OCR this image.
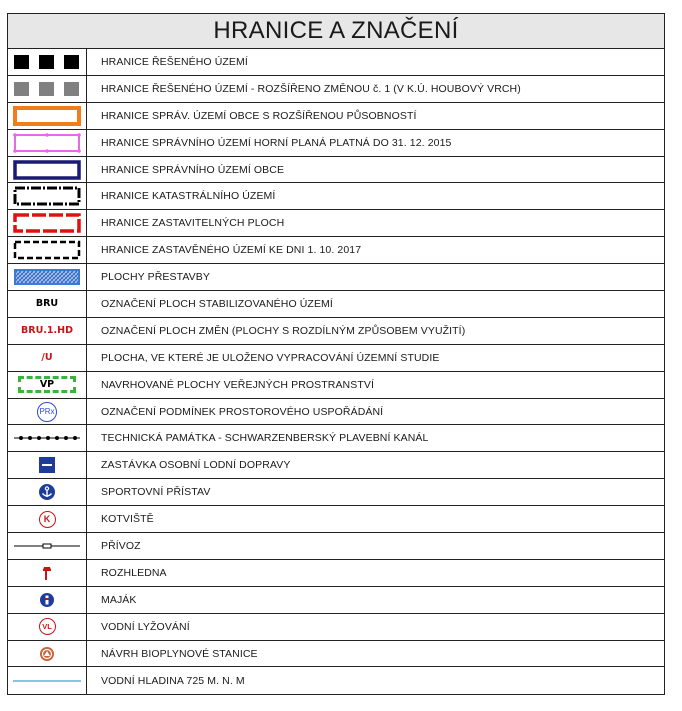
HRANICE A ZNAČENÍ
HRANICE ŘEŠENÉHO ÚZEMÍ
HRANICE ŘEŠENÉHO ÚZEMÍ - ROZŠÍŘENO ZMĚNOU č. 1 (V K.Ú. HOUBOVÝ VRCH)
HRANICE SPRÁV. ÚZEMÍ OBCE S ROZŠÍŘENOU PŮSOBNOSTÍ
HRANICE SPRÁVNÍHO ÚZEMÍ HORNÍ PLANÁ PLATNÁ DO 31. 12. 2015
HRANICE SPRÁVNÍHO ÚZEMÍ OBCE
HRANICE KATASTRÁLNÍHO ÚZEMÍ
HRANICE ZASTAVITELNÝCH PLOCH
HRANICE ZASTAVĚNÉHO ÚZEMÍ KE DNI 1. 10. 2017
PLOCHY PŘESTAVBY
BRU	OZNAČENÍ PLOCH STABILIZOVANÉHO ÚZEMÍ
BRU.1.HD	OZNAČENÍ PLOCH ZMĚN (PLOCHY S ROZDÍLNÝM ZPŮSOBEM VYUŽITÍ)
/U	PLOCHA, VE KTERÉ JE ULOŽENO VYPRACOVÁNÍ ÚZEMNÍ STUDIE
VP	NAVRHOVANÉ PLOCHY VEŘEJNÝCH PROSTRANSTVÍ
PRx	OZNAČENÍ PODMÍNEK PROSTOROVÉHO USPOŘÁDÁNÍ
TECHNICKÁ PAMÁTKA - SCHWARZENBERSKÝ PLAVEBNÍ KANÁL
ZASTÁVKA OSOBNÍ LODNÍ DOPRAVY
SPORTOVNÍ PŘÍSTAV
K	KOTVIŠTĚ
PŘÍVOZ
ROZHLEDNA
MAJÁK
VL	VODNÍ LYŽOVÁNÍ
NÁVRH BIOPLYNOVÉ STANICE
VODNÍ HLADINA 725 M. N. M
